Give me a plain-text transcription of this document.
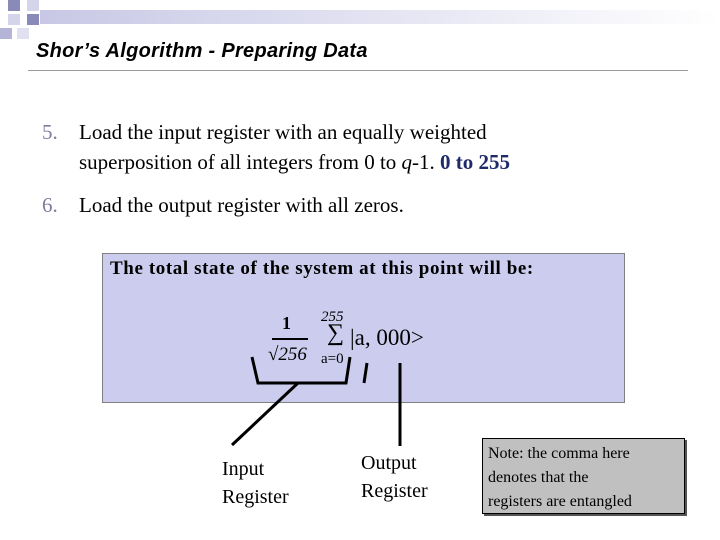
Shor’s Algorithm - Preparing Data
5. Load the input register with an equally weighted
superposition of all integers from 0 to q-1. 0 to 255
6. Load the output register with all zeros.
The total state of the system at this point will be:
1
√256
255
∑
a=0
|a, 000>
Input
Register
Output
Register
Note: the comma here
denotes that the
registers are entangled
